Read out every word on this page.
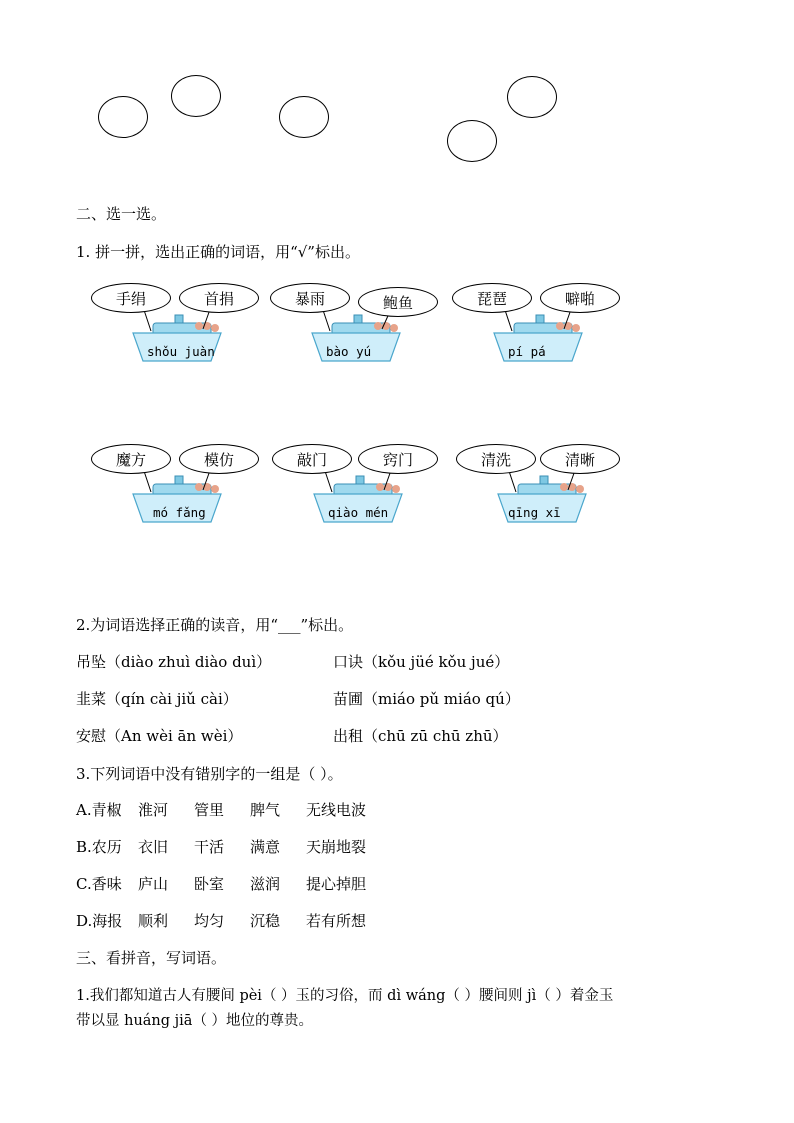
二、选一选。
1. 拼一拼，选出正确的词语，用“√”标出。
手绢	首捐
shǒu juàn
暴雨	鲍鱼
bào yú
琵琶	噼啪
pí pá
魔方	模仿
mó fǎng
敲门	窍门
qiào mén
清洗	清晰
qīng xī
2.为词语选择正确的读音，用“___”标出。
吊坠（diào zhuì diào duì）	口诀（kǒu jüé kǒu jué）
韭菜（qín cài jiǔ cài）	苗圃（miáo pǔ miáo qú）
安慰（An wèi ān wèi）	出租（chū zū chū zhū）
3.下列词语中没有错别字的一组是（ ）。
A.青椒 淮河 管里 脾气 无线电波
B.农历 衣旧 干活 满意 天崩地裂
C.香味 庐山 卧室 滋润 提心掉胆
D.海报 顺利 均匀 沉稳 若有所想
三、看拼音，写词语。
1.我们都知道古人有腰间 pèi（ ）玉的习俗，而 dì wáng（ ）腰间则 jì（ ）着金玉
带以显 huáng jiā（ ）地位的尊贵。
